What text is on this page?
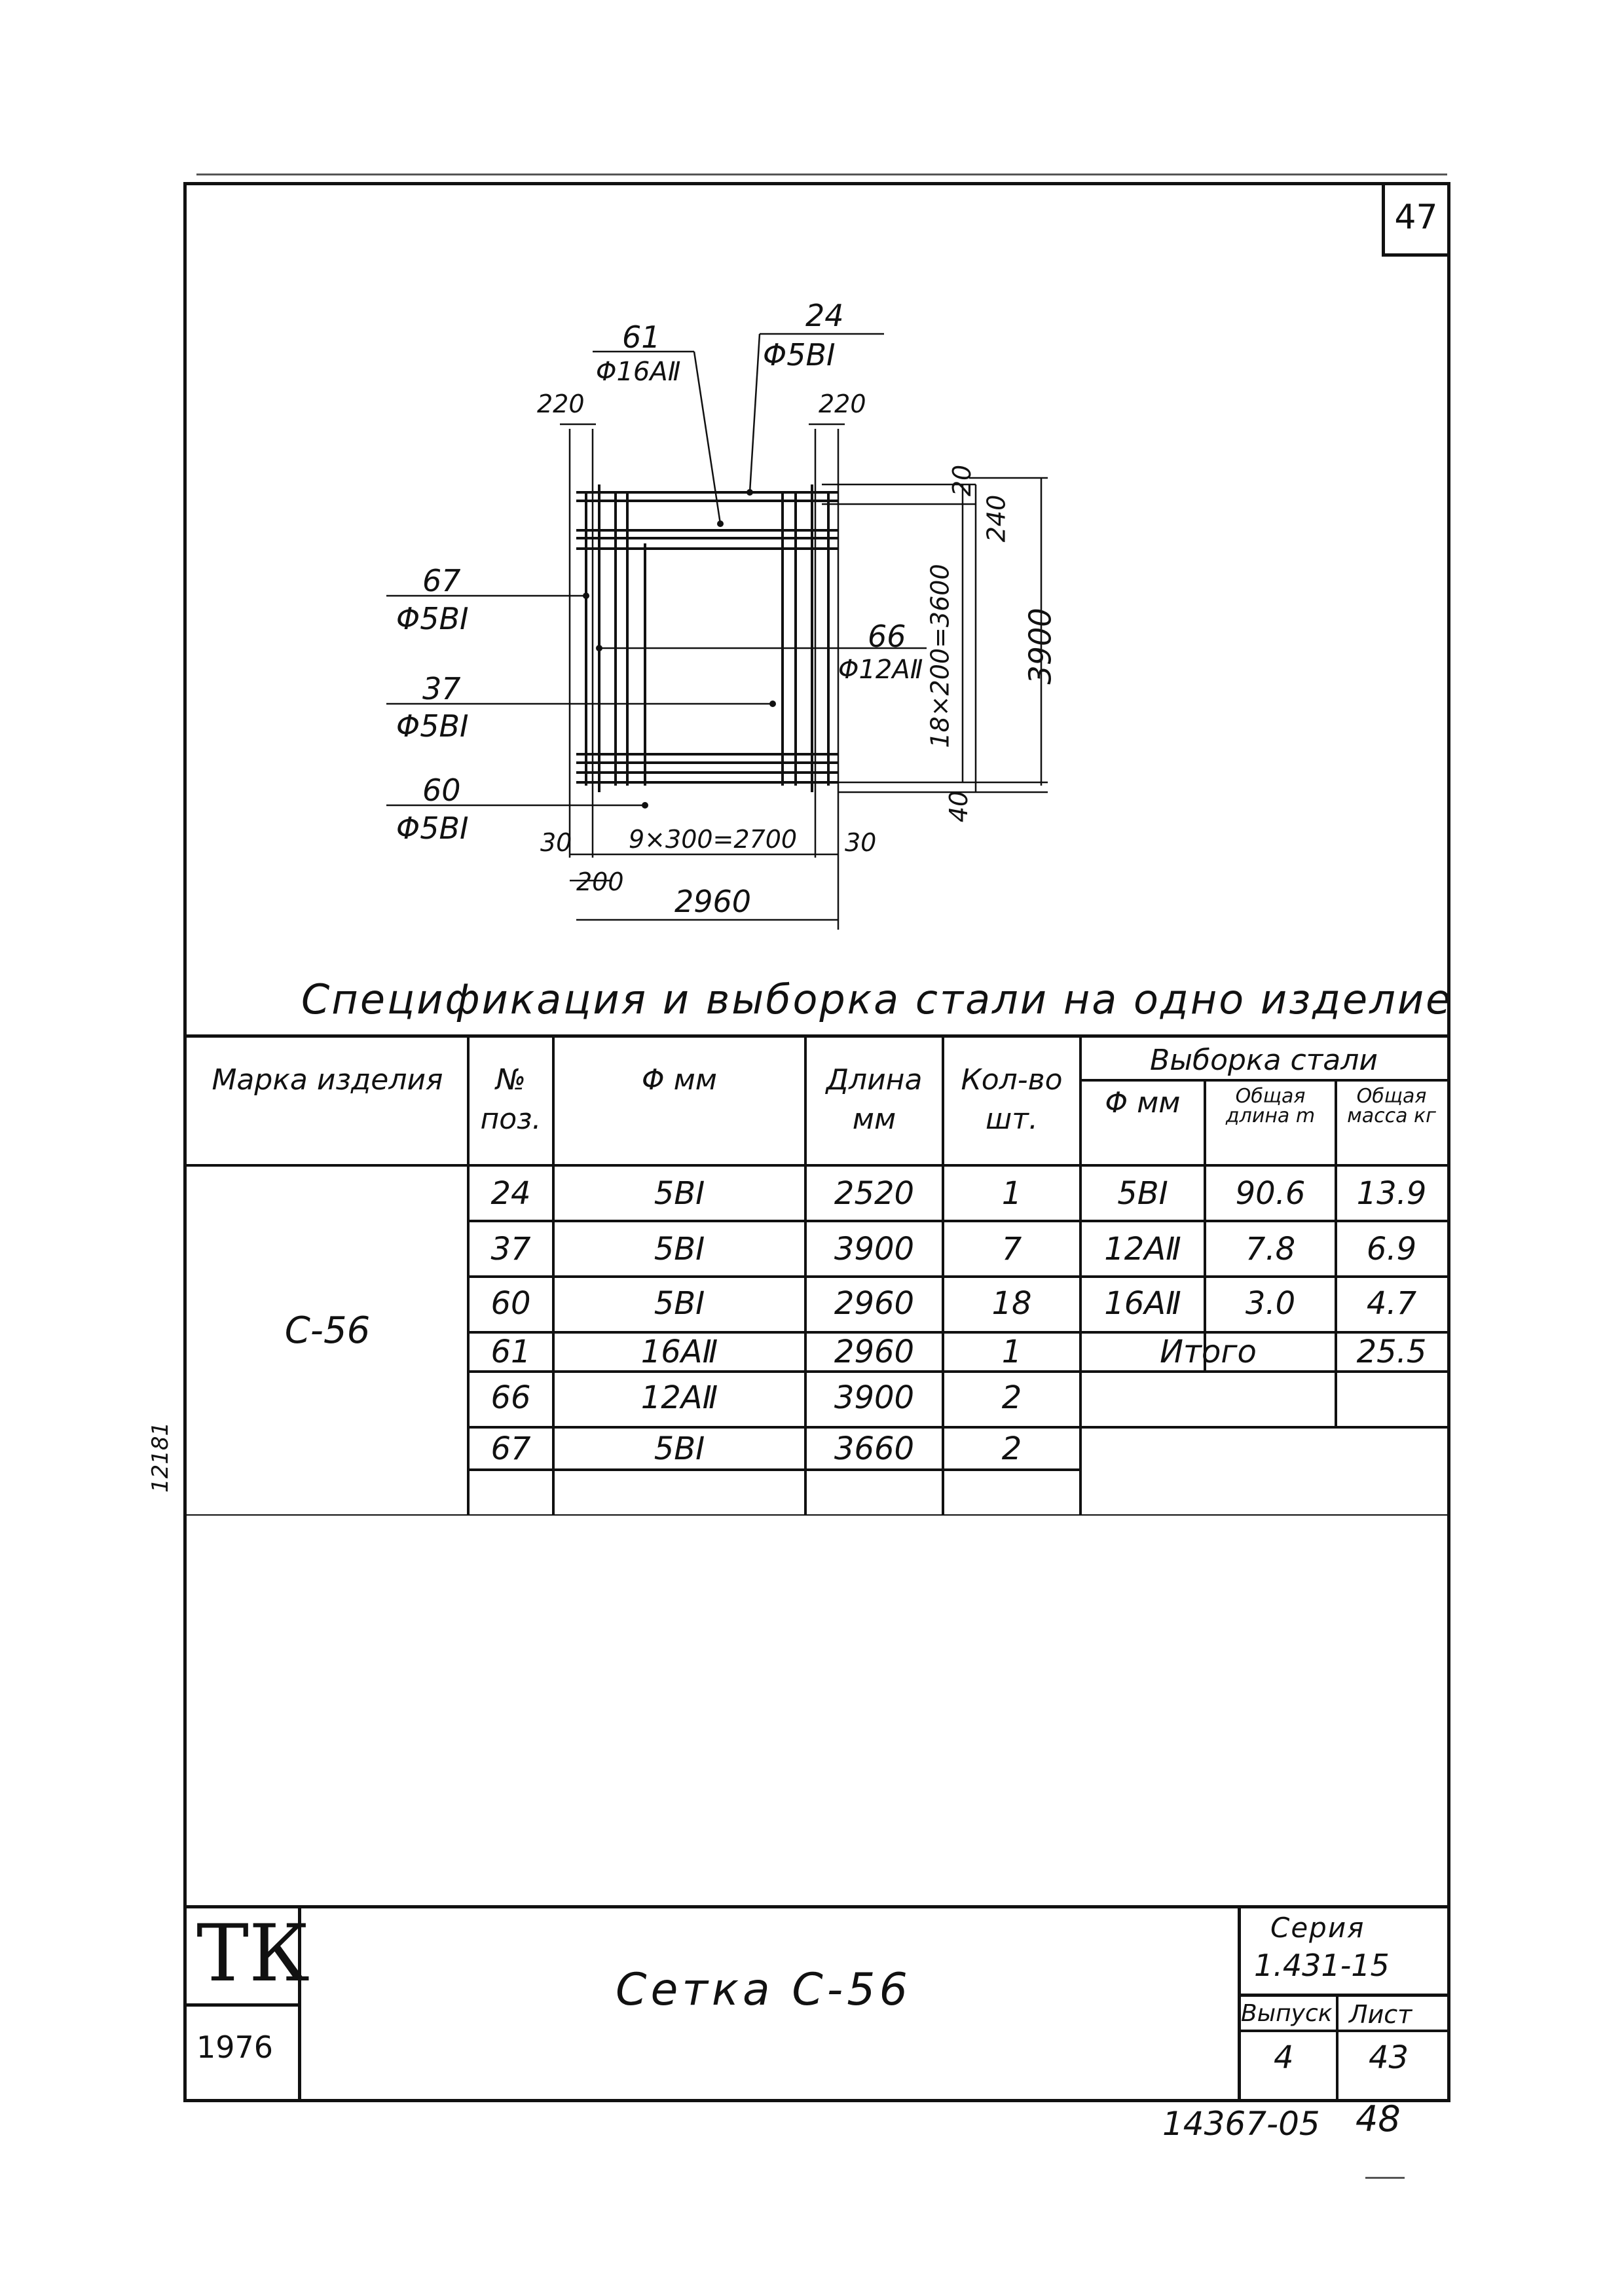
47
12181
61
Φ16AⅡ
24
Φ5BⅠ
67
Φ5BⅠ
37
Φ5BⅠ
60
Φ5BⅠ
66
Φ12AⅡ
220	220
20
240
18×200=3600 3900
40
30 9×300=2700 30
200
2960
Спецификация и выборка стали на одно изделие
Марка изделия	№ поз.
Φ мм	Длина мм
Кол-во шт.
Выборка стали
Φ мм	Общая длина m
Общая масса кг
С-56
24	5BⅠ	2520	1
37	5BⅠ	3900	7
60	5BⅠ	2960	18
61	16AⅡ	2960	1
66	12AⅡ	3900	2
67	5BⅠ	3660	2
5BⅠ	90.6	13.9
12AⅡ	7.8	6.9
16AⅡ	3.0	4.7
Итого	25.5
ТК
1976
Сетка С-56
Серия
1.431-15
Выпуск Лист
4 43
14367-05 48
